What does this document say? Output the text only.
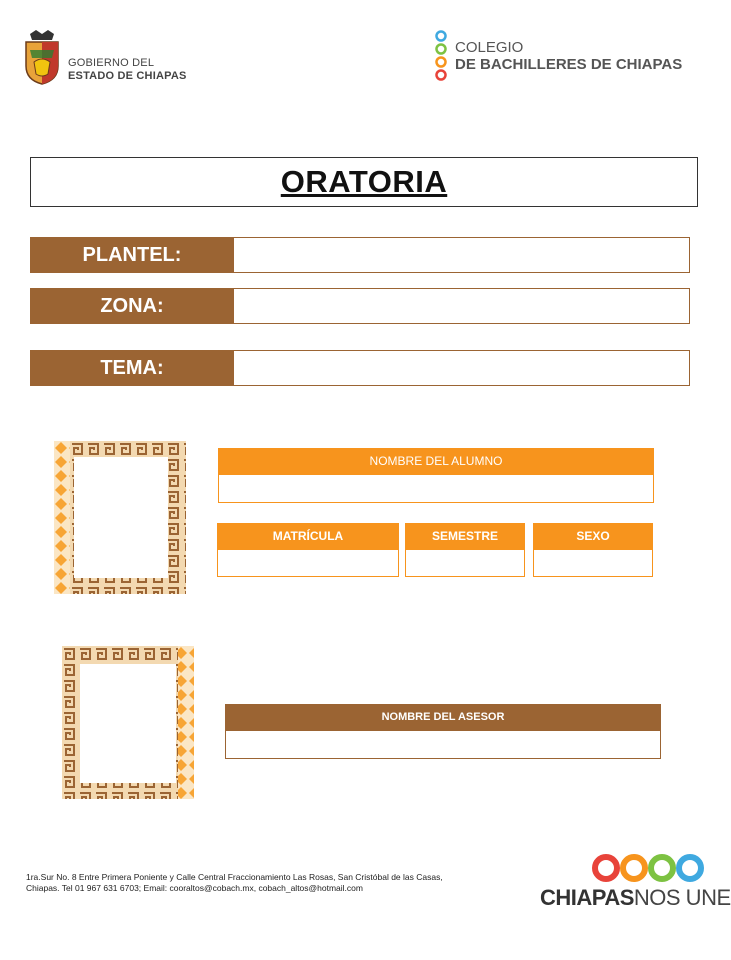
GOBIERNO DEL
ESTADO DE CHIAPAS
COLEGIO
DE BACHILLERES DE CHIAPAS
ORATORIA
PLANTEL:
ZONA:
TEMA:
NOMBRE DEL ALUMNO
MATRÍCULA	SEMESTRE	SEXO
NOMBRE DEL ASESOR
1ra.Sur No. 8 Entre Primera Poniente y Calle Central Fraccionamiento Las Rosas, San Cristóbal de las Casas, Chiapas. Tel 01 967 631 6703; Email: cooraltos@cobach.mx, cobach_altos@hotmail.com	CHIAPASNOS UNE
